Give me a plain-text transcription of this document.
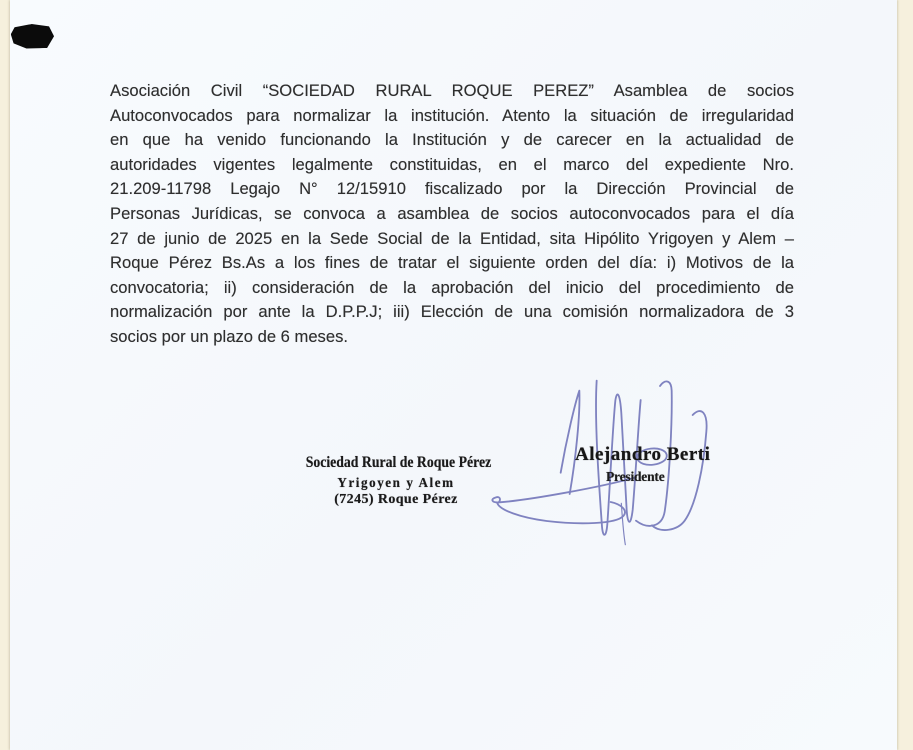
Asociación Civil “SOCIEDAD RURAL ROQUE PEREZ” Asamblea de socios
Autoconvocados para normalizar la institución. Atento la situación de irregularidad
en que ha venido funcionando la Institución y de carecer en la actualidad de
autoridades vigentes legalmente constituidas, en el marco del expediente Nro.
21.209-11798 Legajo N° 12/15910 fiscalizado por la Dirección Provincial de
Personas Jurídicas, se convoca a asamblea de socios autoconvocados para el día
27 de junio de 2025 en la Sede Social de la Entidad, sita Hipólito Yrigoyen y Alem –
Roque Pérez Bs.As a los fines de tratar el siguiente orden del día: i) Motivos de la
convocatoria; ii) consideración de la aprobación del inicio del procedimiento de
normalización por ante la D.P.P.J; iii) Elección de una comisión normalizadora de 3
socios por un plazo de 6 meses.
Sociedad Rural de Roque Pérez
Yrigoyen y Alem
(7245) Roque Pérez
Alejandro Berti
Presidente
